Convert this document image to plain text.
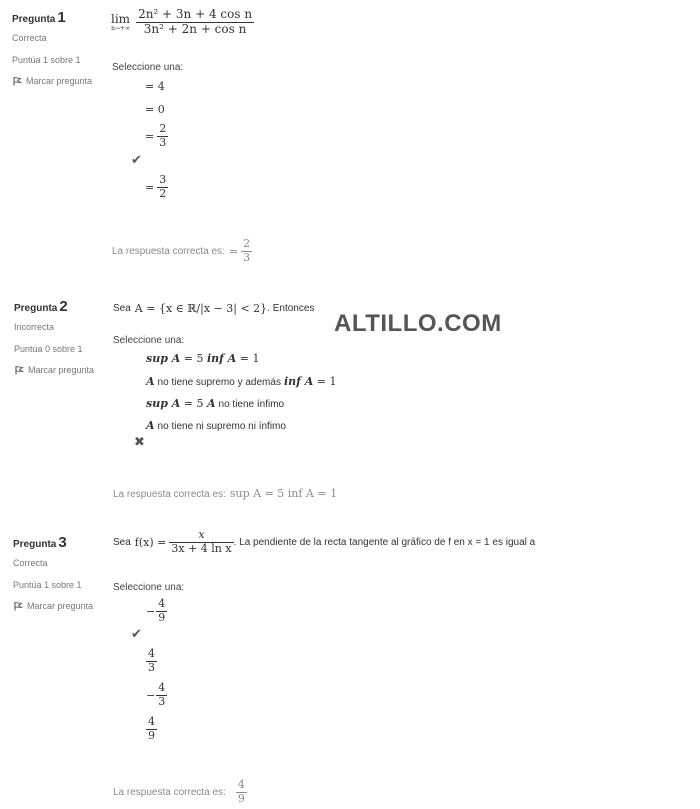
ALTILLO.COM
Pregunta 1
Correcta
Puntúa 1 sobre 1
Marcar pregunta
lim
$n\to+\infty \frac{\text{2n² + 3n + 4 cos n}}{\text{3n² + 2n + cos n}}$
Seleccione una:
= 4
= 0
= $\frac{2}{3}$
✔
= $\frac{3}{2}$
La respuesta correcta es: = $\frac{2}{3}$
Pregunta 2
Incorrecta
Puntúa 0 sobre 1
Marcar pregunta
Sea A = {x ∈ ℝ/|x − 3| < 2} . Entonces
Seleccione una:
sup A = 5 inf A = 1
A no tiene supremo y además inf A = 1
sup A = 5 A no tiene ínfimo
A no tiene ni supremo ni ínfimo
✖
La respuesta correcta es: sup A = 5 inf A = 1
Pregunta 3
Correcta
Puntúa 1 sobre 1
Marcar pregunta
Sea $f(x) = \frac{x}{\text{3x + 4 ln x}}$ . La pendiente de la recta tangente al gráfico de f en x = 1 es igual a
Seleccione una:
− $\frac{4}{9}$
✔
$\frac{4}{3}$
− $\frac{4}{3}$
$\frac{4}{9}$
La respuesta correcta es: $\frac{4}{9}$
